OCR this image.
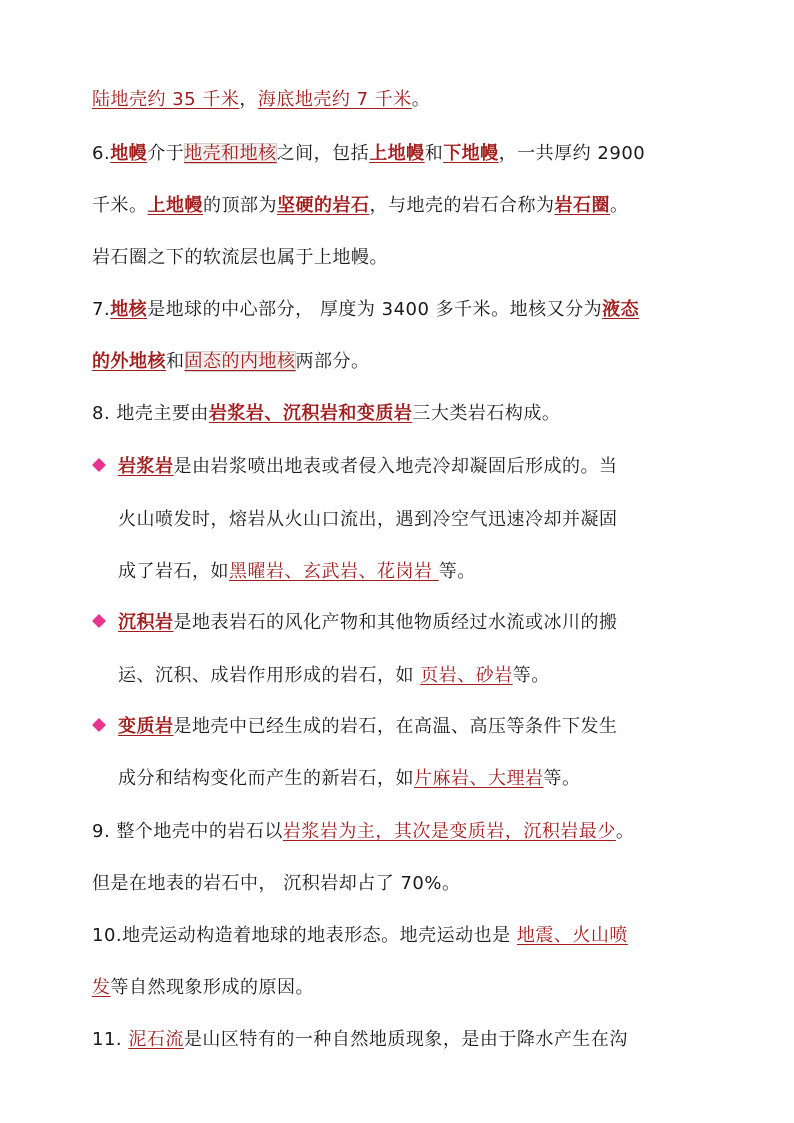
陆地壳约 35 千米，海底地壳约 7 千米。
6.地幔介于地壳和地核之间，包括上地幔和下地幔，一共厚约 2900
千米。上地幔的顶部为坚硬的岩石，与地壳的岩石合称为岩石圈。
岩石圈之下的软流层也属于上地幔。
7.地核是地球的中心部分， 厚度为 3400 多千米。地核又分为液态
的外地核和固态的内地核两部分。
8. 地壳主要由岩浆岩、沉积岩和变质岩三大类岩石构成。
岩浆岩是由岩浆喷出地表或者侵入地壳冷却凝固后形成的。当
火山喷发时，熔岩从火山口流出，遇到冷空气迅速冷却并凝固
成了岩石，如黑曜岩、玄武岩、花岗岩 等。
沉积岩是地表岩石的风化产物和其他物质经过水流或冰川的搬
运、沉积、成岩作用形成的岩石，如 页岩、砂岩等。
变质岩是地壳中已经生成的岩石，在高温、高压等条件下发生
成分和结构变化而产生的新岩石，如片麻岩、大理岩等。
9. 整个地壳中的岩石以岩浆岩为主，其次是变质岩，沉积岩最少。
但是在地表的岩石中， 沉积岩却占了 70%。
10.地壳运动构造着地球的地表形态。地壳运动也是 地震、火山喷
发等自然现象形成的原因。
11. 泥石流是山区特有的一种自然地质现象，是由于降水产生在沟
